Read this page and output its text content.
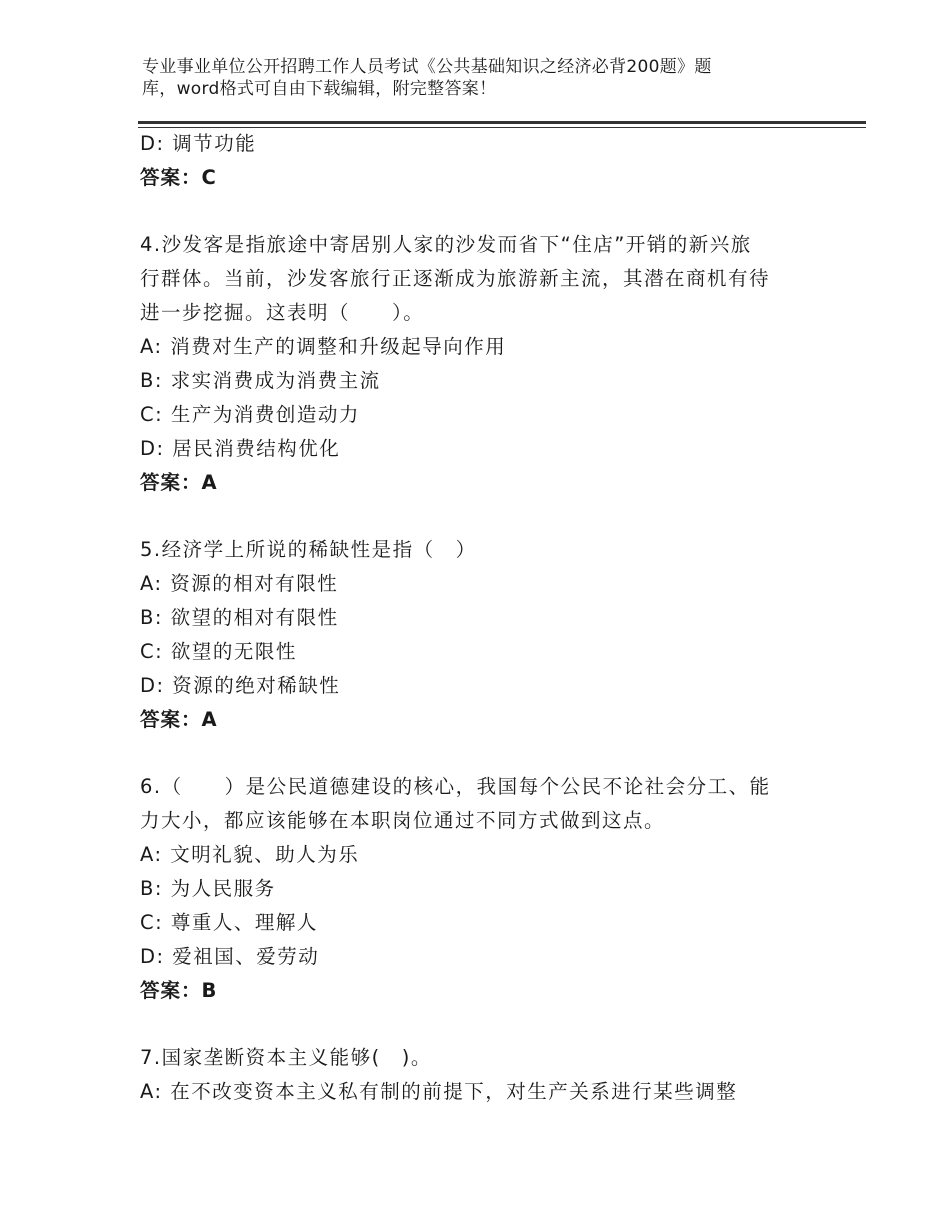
专业事业单位公开招聘工作人员考试《公共基础知识之经济必背200题》题
库，word格式可自由下载编辑，附完整答案！
D: 调节功能
答案：C
4.沙发客是指旅途中寄居别人家的沙发而省下“住店”开销的新兴旅
行群体。当前，沙发客旅行正逐渐成为旅游新主流，其潜在商机有待
进一步挖掘。这表明（　　）。
A: 消费对生产的调整和升级起导向作用
B: 求实消费成为消费主流
C: 生产为消费创造动力
D: 居民消费结构优化
答案：A
5.经济学上所说的稀缺性是指（　）
A: 资源的相对有限性
B: 欲望的相对有限性
C: 欲望的无限性
D: 资源的绝对稀缺性
答案：A
6.（　　）是公民道德建设的核心，我国每个公民不论社会分工、能
力大小，都应该能够在本职岗位通过不同方式做到这点。
A: 文明礼貌、助人为乐
B: 为人民服务
C: 尊重人、理解人
D: 爱祖国、爱劳动
答案：B
7.国家垄断资本主义能够(　)。
A: 在不改变资本主义私有制的前提下，对生产关系进行某些调整
